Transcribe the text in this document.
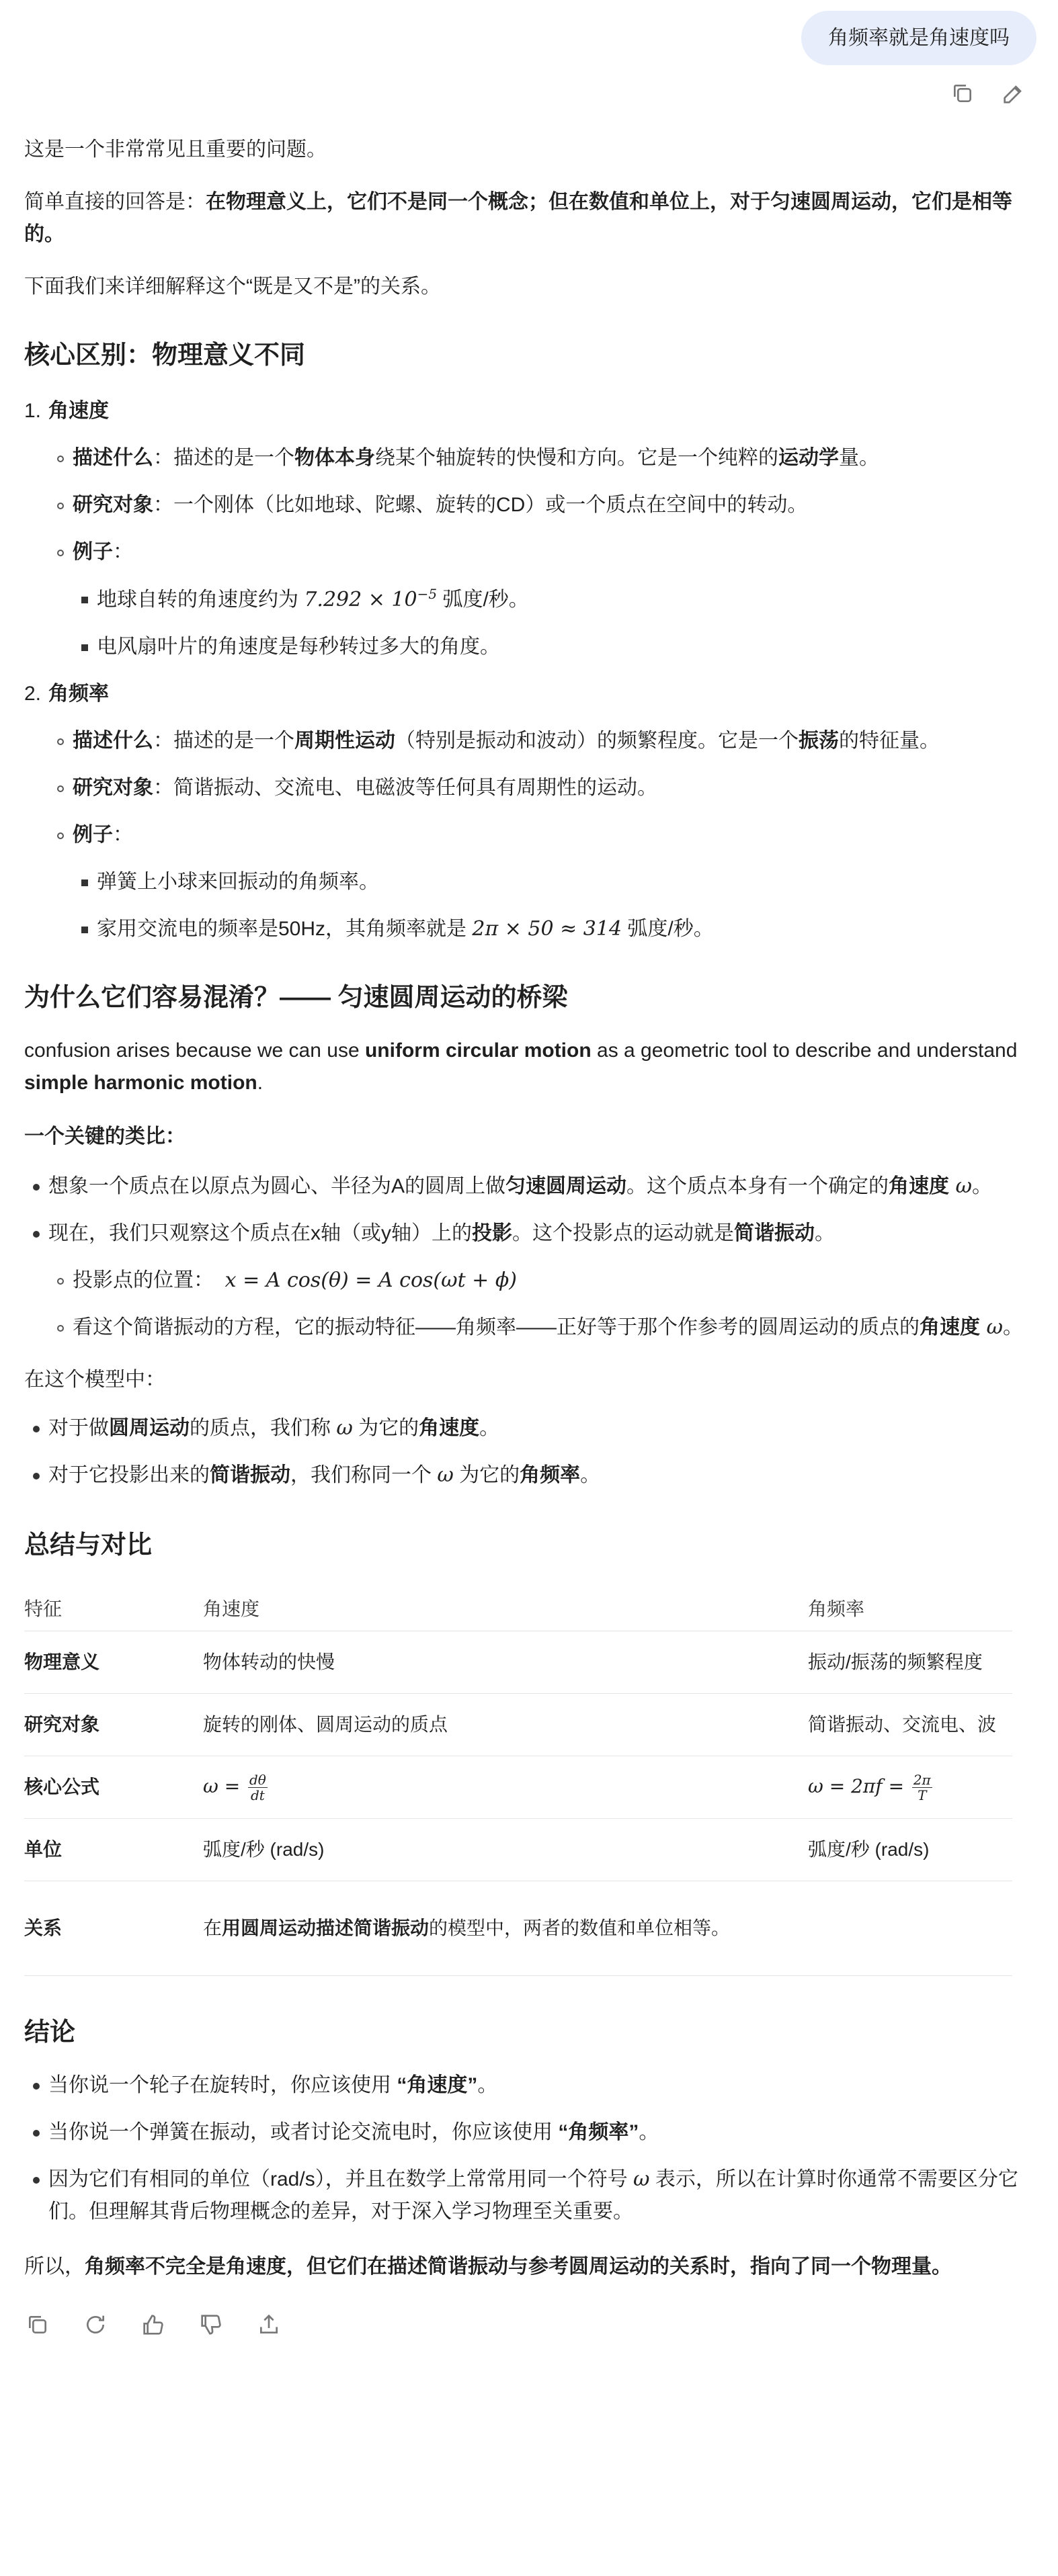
角频率就是角速度吗

这是一个非常常见且重要的问题。

简单直接的回答是：在物理意义上，它们不是同一个概念；但在数值和单位上，对于匀速圆周运动，它们是相等的。

下面我们来详细解释这个“既是又不是”的关系。

核心区别：物理意义不同
1. 角速度
描述什么：描述的是一个物体本身绕某个轴旋转的快慢和方向。它是一个纯粹的运动学量。
研究对象：一个刚体（比如地球、陀螺、旋转的CD）或一个质点在空间中的转动。
例子：
地球自转的角速度约为 $7.292 \times 10^{-5}$ 弧度/秒。
电风扇叶片的角速度是每秒转过多大的角度。
2. 角频率
描述什么：描述的是一个周期性运动（特别是振动和波动）的频繁程度。它是一个振荡的特征量。
研究对象：简谐振动、交流电、电磁波等任何具有周期性的运动。
例子：
弹簧上小球来回振动的角频率。
家用交流电的频率是50Hz，其角频率就是 2π × 50 ≈ 314 弧度/秒。
为什么它们容易混淆？—— 匀速圆周运动的桥梁

confusion arises because we can use uniform circular motion as a geometric tool to describe and understand simple harmonic motion.

一个关键的类比：
想象一个质点在以原点为圆心、半径为A的圆周上做匀速圆周运动。这个质点本身有一个确定的角速度 ω。
现在，我们只观察这个质点在x轴（或y轴）上的投影。这个投影点的运动就是简谐振动。
投影点的位置： x = A cos(θ) = A cos(ωt + ϕ)
看这个简谐振动的方程，它的振动特征——角频率——正好等于那个作参考的圆周运动的质点的角速度 ω。

在这个模型中：

对于做圆周运动的质点，我们称 ω 为它的角速度。
对于它投影出来的简谐振动，我们称同一个 ω 为它的角频率。
总结与对比
特征	角速度	角频率
物理意义	物体转动的快慢	振动/振荡的频繁程度
研究对象	旋转的刚体、圆周运动的质点	简谐振动、交流电、波
核心公式	$\omega = \frac{d\theta}{dt}$	$\omega = 2\pi f = \frac{2\pi}{T}$

单位	弧度/秒 (rad/s)	弧度/秒 (rad/s)
关系	在用圆周运动描述简谐振动的模型中，两者的数值和单位相等。	

结论
当你说一个轮子在旋转时，你应该使用 “角速度”。
当你说一个弹簧在振动，或者讨论交流电时，你应该使用 “角频率”。
因为它们有相同的单位（rad/s），并且在数学上常常用同一个符号 ω 表示，所以在计算时你通常不需要区分它们。但理解其背后物理概念的差异，对于深入学习物理至关重要。

所以，角频率不完全是角速度，但它们在描述简谐振动与参考圆周运动的关系时，指向了同一个物理量。
